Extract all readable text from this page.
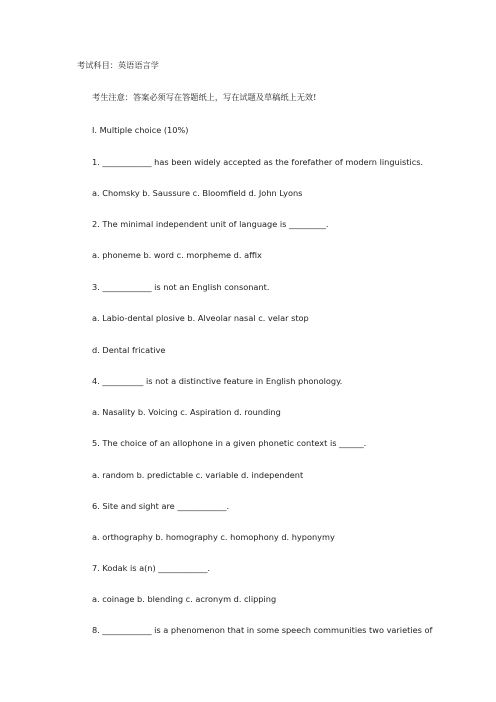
考试科目：英语语言学
考生注意：答案必须写在答题纸上，写在试题及草稿纸上无效!
I. Multiple choice (10%)
1. ____________ has been widely accepted as the forefather of modern linguistics.
a. Chomsky b. Saussure c. Bloomfield d. John Lyons
2. The minimal independent unit of language is _________.
a. phoneme b. word c. morpheme d. affix
3. ____________ is not an English consonant.
a. Labio-dental plosive b. Alveolar nasal c. velar stop
d. Dental fricative
4. __________ is not a distinctive feature in English phonology.
a. Nasality b. Voicing c. Aspiration d. rounding
5. The choice of an allophone in a given phonetic context is ______.
a. random b. predictable c. variable d. independent
6. Site and sight are ____________.
a. orthography b. homography c. homophony d. hyponymy
7. Kodak is a(n) ____________.
a. coinage b. blending c. acronym d. clipping
8. ____________ is a phenomenon that in some speech communities two varieties of
